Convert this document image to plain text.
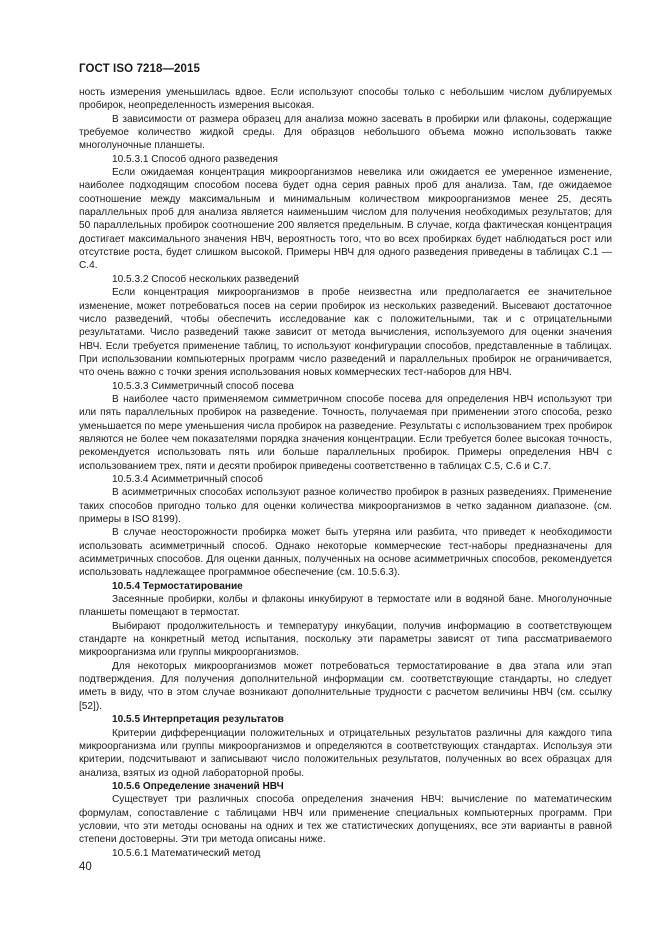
ГОСТ ISO 7218—2015

ность измерения уменьшилась вдвое. Если используют способы только с небольшим числом дублируемых пробирок, неопределенность измерения высокая.

В зависимости от размера образец для анализа можно засевать в пробирки или флаконы, содержащие требуемое количество жидкой среды. Для образцов небольшого объема можно использовать также многолуночные планшеты.

10.5.3.1 Способ одного разведения

Если ожидаемая концентрация микроорганизмов невелика или ожидается ее умеренное изменение, наиболее подходящим способом посева будет одна серия равных проб для анализа. Там, где ожидаемое соотношение между максимальным и минимальным количеством микроорганизмов менее 25, десять параллельных проб для анализа является наименьшим числом для получения необходимых результатов; для 50 параллельных пробирок соотношение 200 является предельным. В случае, когда фактическая концентрация достигает максимального значения НВЧ, вероятность того, что во всех пробирках будет наблюдаться рост или отсутствие роста, будет слишком высокой. Примеры НВЧ для одного разведения приведены в таблицах С.1 — С.4.

10.5.3.2 Способ нескольких разведений

Если концентрация микроорганизмов в пробе неизвестна или предполагается ее значительное изменение, может потребоваться посев на серии пробирок из нескольких разведений. Высевают достаточное число разведений, чтобы обеспечить исследование как с положительными, так и с отрицательными результатами. Число разведений также зависит от метода вычисления, используемого для оценки значения НВЧ. Если требуется применение таблиц, то используют конфигурации способов, представленные в таблицах. При использовании компьютерных программ число разведений и параллельных пробирок не ограничивается, что очень важно с точки зрения использования новых коммерческих тест-наборов для НВЧ.

10.5.3.3 Симметричный способ посева

В наиболее часто применяемом симметричном способе посева для определения НВЧ используют три или пять параллельных пробирок на разведение. Точность, получаемая при применении этого способа, резко уменьшается по мере уменьшения числа пробирок на разведение. Результаты с использованием трех пробирок являются не более чем показателями порядка значения концентрации. Если требуется более высокая точность, рекомендуется использовать пять или больше параллельных пробирок. Примеры определения НВЧ с использованием трех, пяти и десяти пробирок приведены соответственно в таблицах С.5, С.6 и С.7.

10.5.3.4 Асимметричный способ

В асимметричных способах используют разное количество пробирок в разных разведениях. Применение таких способов пригодно только для оценки количества микроорганизмов в четко заданном диапазоне. (см. примеры в ISO 8199).

В случае неосторожности пробирка может быть утеряна или разбита, что приведет к необходимости использовать асимметричный способ. Однако некоторые коммерческие тест-наборы предназначены для асимметричных способов. Для оценки данных, полученных на основе асимметричных способов, рекомендуется использовать надлежащее программное обеспечение (см. 10.5.6.3).

10.5.4 Термостатирование

Засеянные пробирки, колбы и флаконы инкубируют в термостате или в водяной бане. Многолуночные планшеты помещают в термостат.

Выбирают продолжительность и температуру инкубации, получив информацию в соответствующем стандарте на конкретный метод испытания, поскольку эти параметры зависят от типа рассматриваемого микроорганизма или группы микроорганизмов.

Для некоторых микроорганизмов может потребоваться термостатирование в два этапа или этап подтверждения. Для получения дополнительной информации см. соответствующие стандарты, но следует иметь в виду, что в этом случае возникают дополнительные трудности с расчетом величины НВЧ (см. ссылку [52]).

10.5.5 Интерпретация результатов

Критерии дифференциации положительных и отрицательных результатов различны для каждого типа микроорганизма или группы микроорганизмов и определяются в соответствующих стандартах. Используя эти критерии, подсчитывают и записывают число положительных результатов, полученных во всех образцах для анализа, взятых из одной лабораторной пробы.

10.5.6 Определение значений НВЧ

Существует три различных способа определения значения НВЧ: вычисление по математическим формулам, сопоставление с таблицами НВЧ или применение специальных компьютерных программ. При условии, что эти методы основаны на одних и тех же статистических допущениях, все эти варианты в равной степени достоверны. Эти три метода описаны ниже.

10.5.6.1 Математический метод

40
